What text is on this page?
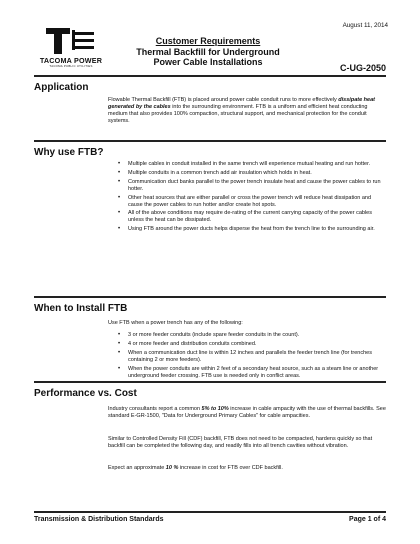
August 11, 2014
TACOMA POWER
TACOMA PUBLIC UTILITIES
Customer Requirements
Thermal Backfill for Underground
Power Cable Installations
C-UG-2050
Application
Flowable Thermal Backfill (FTB) is placed around power cable conduit runs to more effectively dissipate heat generated by the cables into the surrounding environment. FTB is a uniform and efficient heat conducting medium that also provides 100% compaction, structural support, and mechanical protection for the conduit systems.
Why use FTB?
• Multiple cables in conduit installed in the same trench will experience mutual heating and run hotter.
• Multiple conduits in a common trench add air insulation which holds in heat.
• Communication duct banks parallel to the power trench insulate heat and cause the power cables to run hotter.
• Other heat sources that are either parallel or cross the power trench will reduce heat dissipation and cause the power cables to run hotter and/or create hot spots.
• All of the above conditions may require de-rating of the current carrying capacity of the power cables unless the heat can be dissipated.
• Using FTB around the power ducts helps disperse the heat from the trench line to the surrounding air.
When to Install FTB
Use FTB when a power trench has any of the following:
• 3 or more feeder conduits (include spare feeder conduits in the count).
• 4 or more feeder and distribution conduits combined.
• When a communication duct line is within 12 inches and parallels the feeder trench line (for trenches containing 2 or more feeders).
• When the power conduits are within 2 feet of a secondary heat source, such as a steam line or another underground feeder crossing. FTB use is needed only in conflict areas.
Performance vs. Cost
Industry consultants report a common 5% to 10% increase in cable ampacity with the use of thermal backfills. See standard E-GR-1500, "Data for Underground Primary Cables" for cable ampacities.
Similar to Controlled Density Fill (CDF) backfill, FTB does not need to be compacted, hardens quickly so that backfill can be completed the following day, and readily fills into all trench cavities without vibration.
Expect an approximate 10 % increase in cost for FTB over CDF backfill.
Transmission & Distribution Standards	Page 1 of 4
